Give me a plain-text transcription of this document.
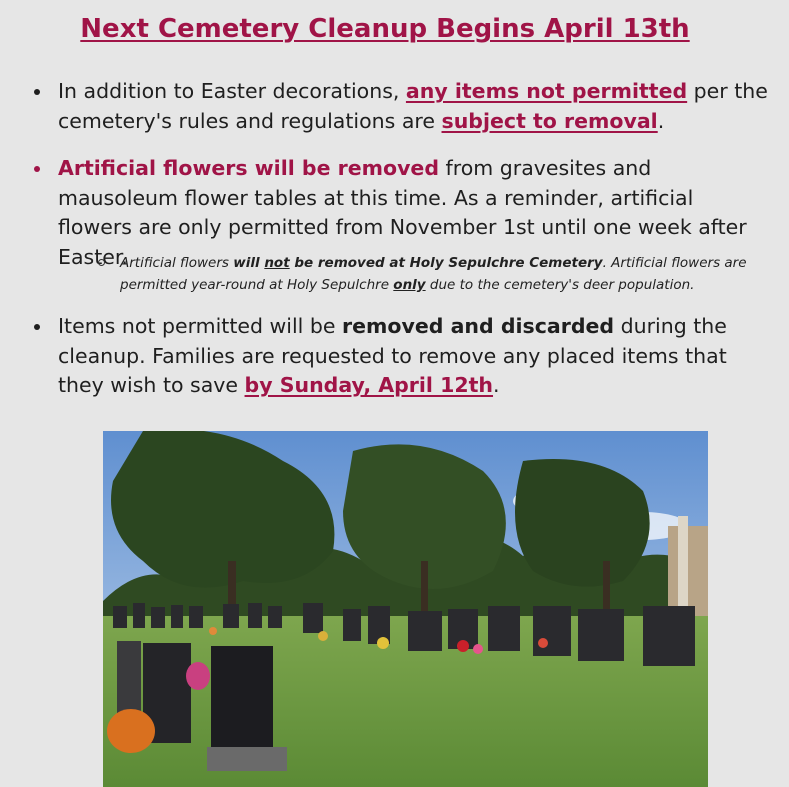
Next Cemetery Cleanup Begins April 13th
In addition to Easter decorations, any items not permitted per the cemetery's rules and regulations are subject to removal.
Artificial flowers will be removed from gravesites and mausoleum flower tables at this time. As a reminder, artificial flowers are only permitted from November 1st until one week after Easter.
Artificial flowers will not be removed at Holy Sepulchre Cemetery. Artificial flowers are permitted year-round at Holy Sepulchre only due to the cemetery's deer population.
Items not permitted will be removed and discarded during the cleanup. Families are requested to remove any placed items that they wish to save by Sunday, April 12th.
